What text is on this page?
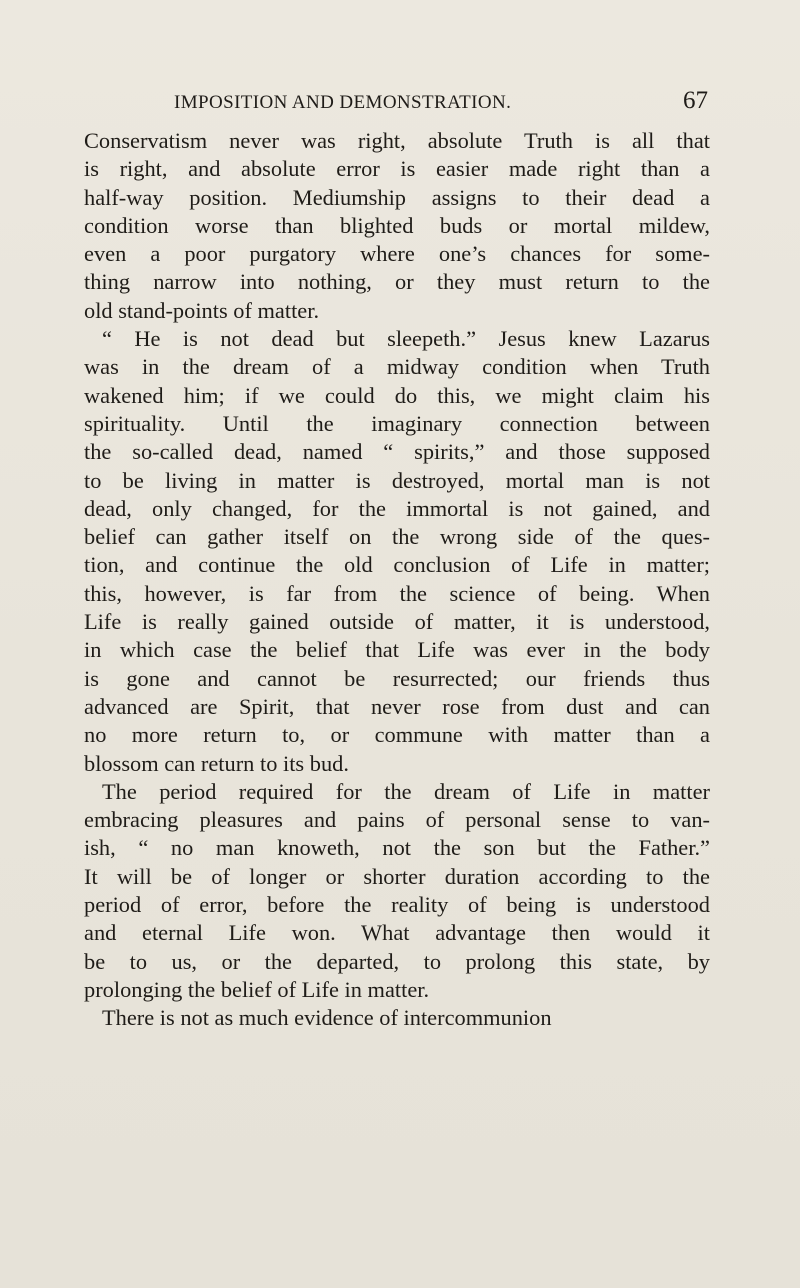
IMPOSITION AND DEMONSTRATION.	67
Conservatism never was right, absolute Truth is all that
is right, and absolute error is easier made right than a
half-way position. Mediumship assigns to their dead a
condition worse than blighted buds or mortal mildew,
even a poor purgatory where one’s chances for some-
thing narrow into nothing, or they must return to the
old stand-points of matter.
“ He is not dead but sleepeth.” Jesus knew Lazarus
was in the dream of a midway condition when Truth
wakened him; if we could do this, we might claim his
spirituality. Until the imaginary connection between
the so-called dead, named “ spirits,” and those supposed
to be living in matter is destroyed, mortal man is not
dead, only changed, for the immortal is not gained, and
belief can gather itself on the wrong side of the ques-
tion, and continue the old conclusion of Life in matter;
this, however, is far from the science of being. When
Life is really gained outside of matter, it is understood,
in which case the belief that Life was ever in the body
is gone and cannot be resurrected; our friends thus
advanced are Spirit, that never rose from dust and can
no more return to, or commune with matter than a
blossom can return to its bud.
The period required for the dream of Life in matter
embracing pleasures and pains of personal sense to van-
ish, “ no man knoweth, not the son but the Father.”
It will be of longer or shorter duration according to the
period of error, before the reality of being is understood
and eternal Life won. What advantage then would it
be to us, or the departed, to prolong this state, by
prolonging the belief of Life in matter.
There is not as much evidence of intercommunion
